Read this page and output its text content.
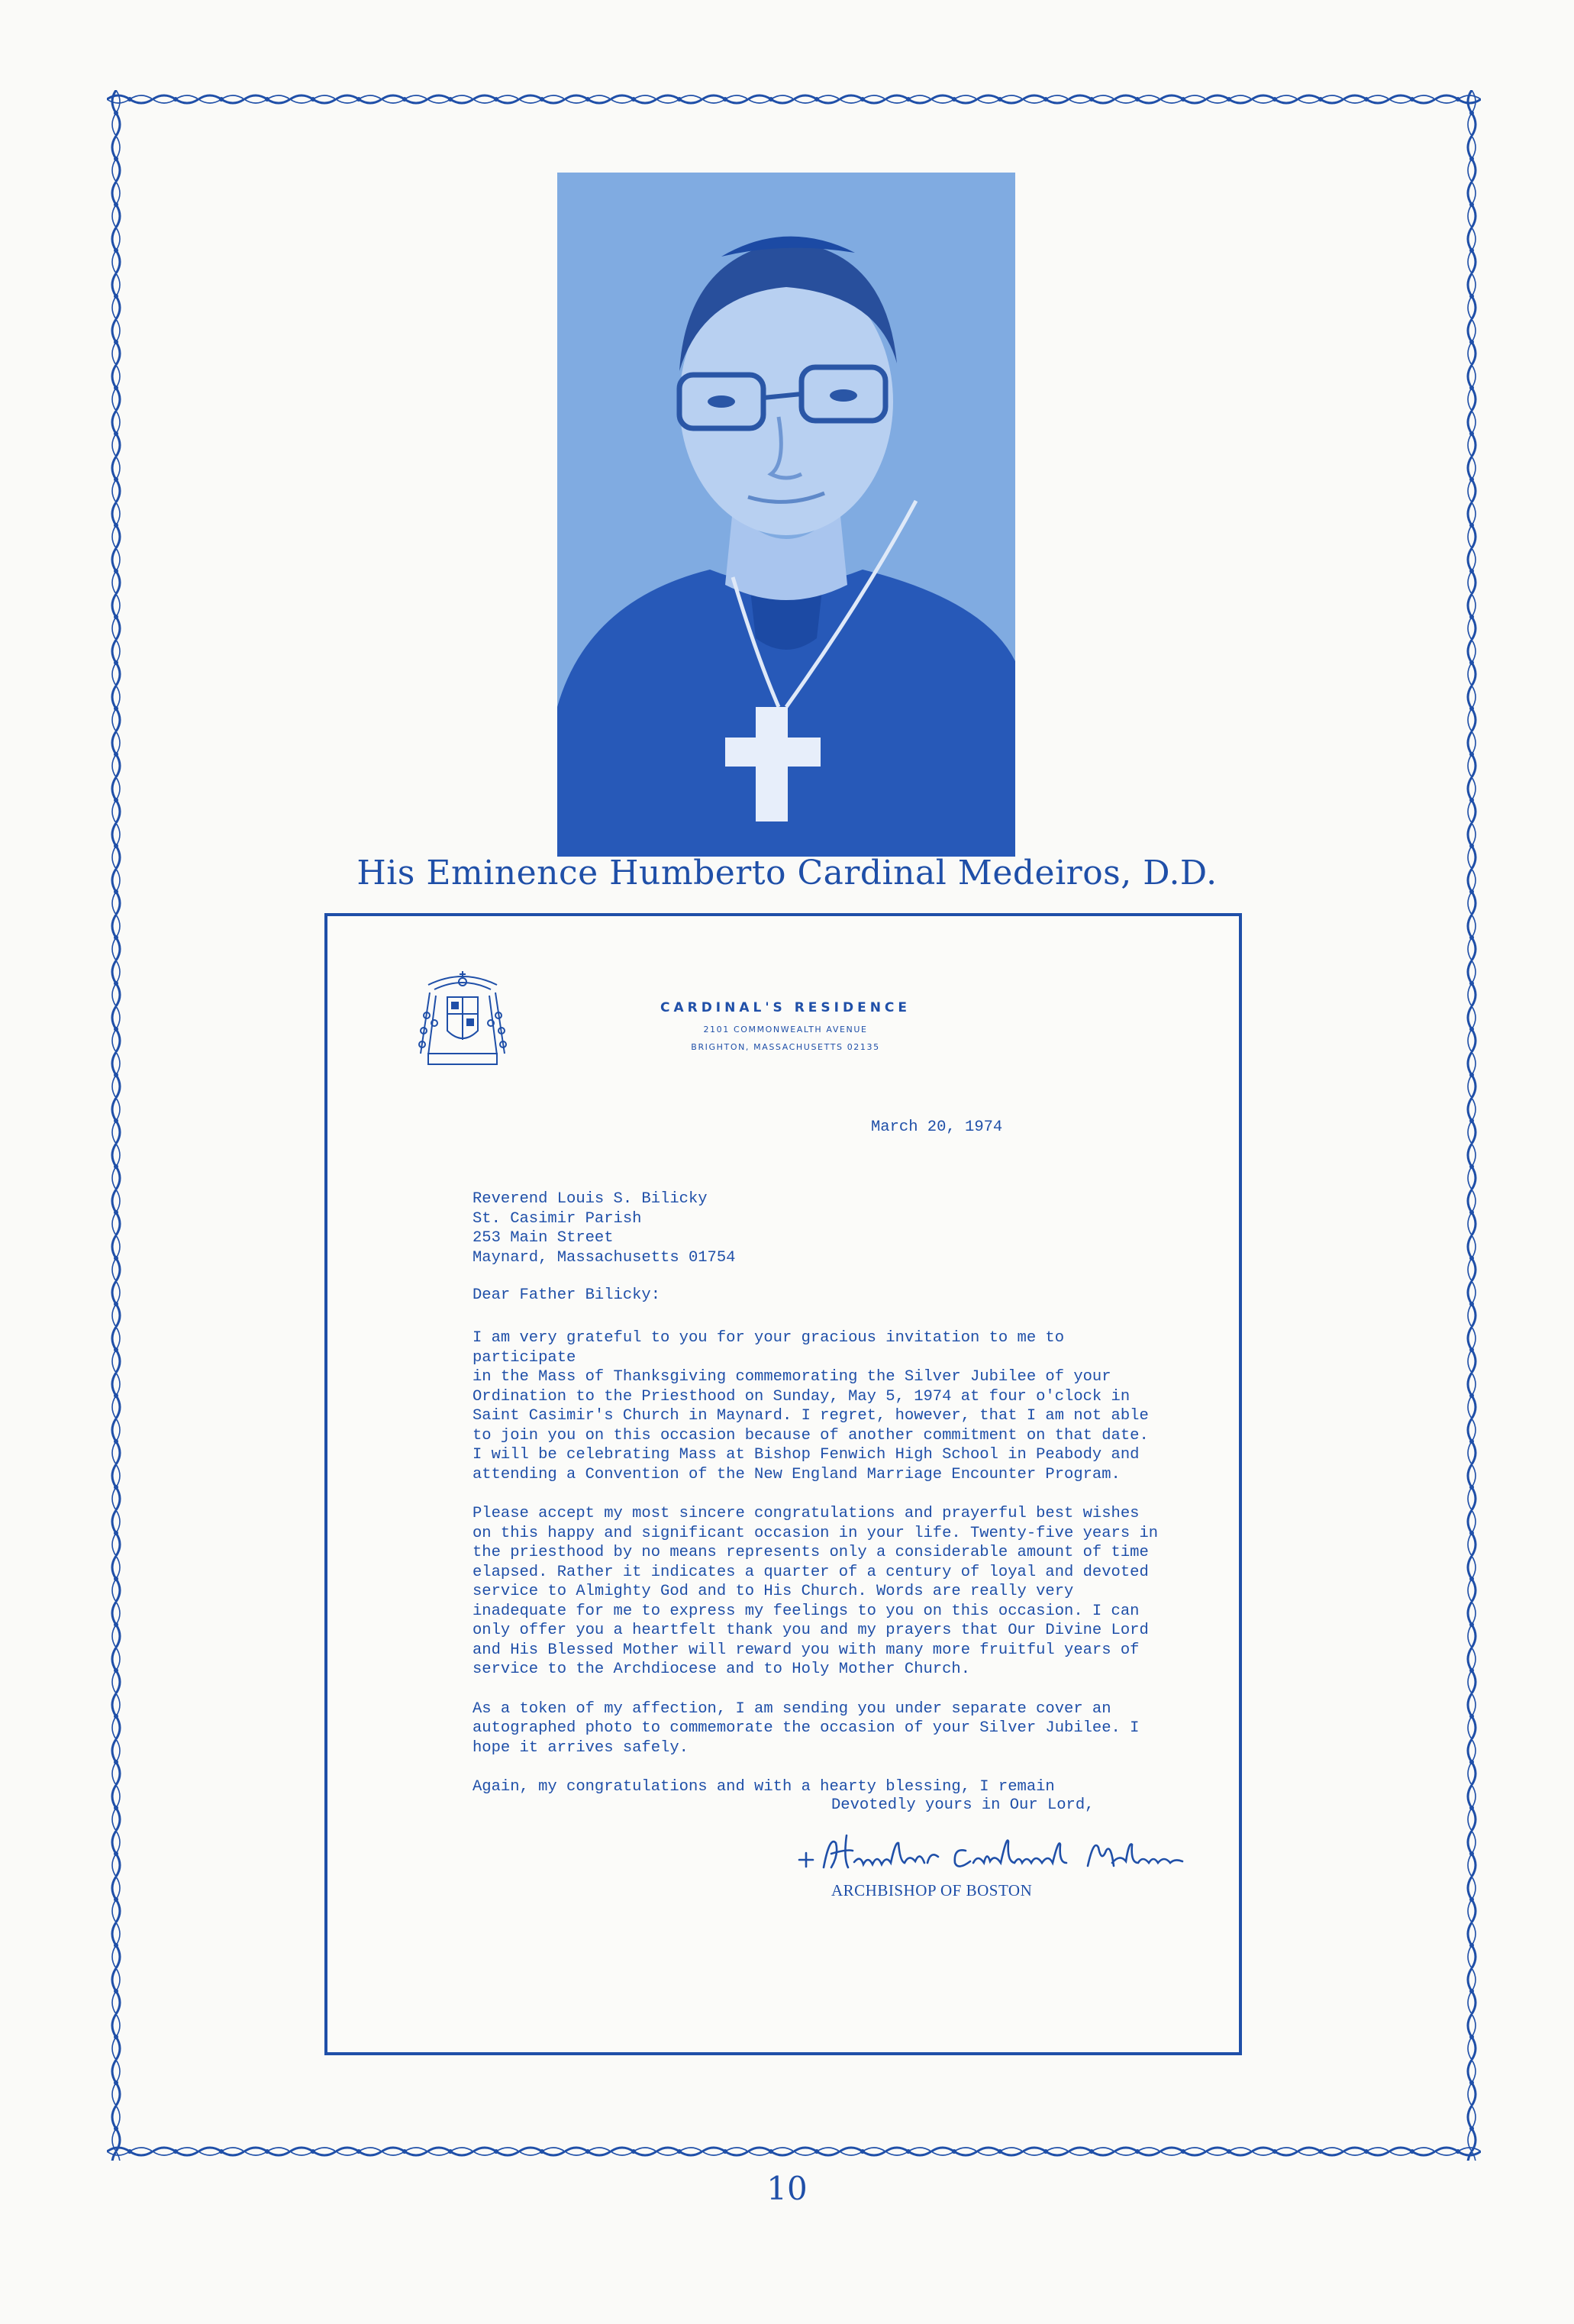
His Eminence Humberto Cardinal Medeiros, D.D.
CARDINAL'S RESIDENCE
2101 COMMONWEALTH AVENUE
BRIGHTON, MASSACHUSETTS 02135
March 20, 1974
Reverend Louis S. Bilicky
St. Casimir Parish
253 Main Street
Maynard, Massachusetts 01754
Dear Father Bilicky:

I am very grateful to you for your gracious invitation to me to participate
in the Mass of Thanksgiving commemorating the Silver Jubilee of your
Ordination to the Priesthood on Sunday, May 5, 1974 at four o'clock in
Saint Casimir's Church in Maynard. I regret, however, that I am not able
to join you on this occasion because of another commitment on that date.
I will be celebrating Mass at Bishop Fenwich High School in Peabody and
attending a Convention of the New England Marriage Encounter Program.

Please accept my most sincere congratulations and prayerful best wishes
on this happy and significant occasion in your life. Twenty-five years in
the priesthood by no means represents only a considerable amount of time
elapsed. Rather it indicates a quarter of a century of loyal and devoted
service to Almighty God and to His Church. Words are really very
inadequate for me to express my feelings to you on this occasion. I can
only offer you a heartfelt thank you and my prayers that Our Divine Lord
and His Blessed Mother will reward you with many more fruitful years of
service to the Archdiocese and to Holy Mother Church.

As a token of my affection, I am sending you under separate cover an
autographed photo to commemorate the occasion of your Silver Jubilee. I
hope it arrives safely.

Again, my congratulations and with a hearty blessing, I remain

Devotedly yours in Our Lord,
ARCHBISHOP OF BOSTON
10
